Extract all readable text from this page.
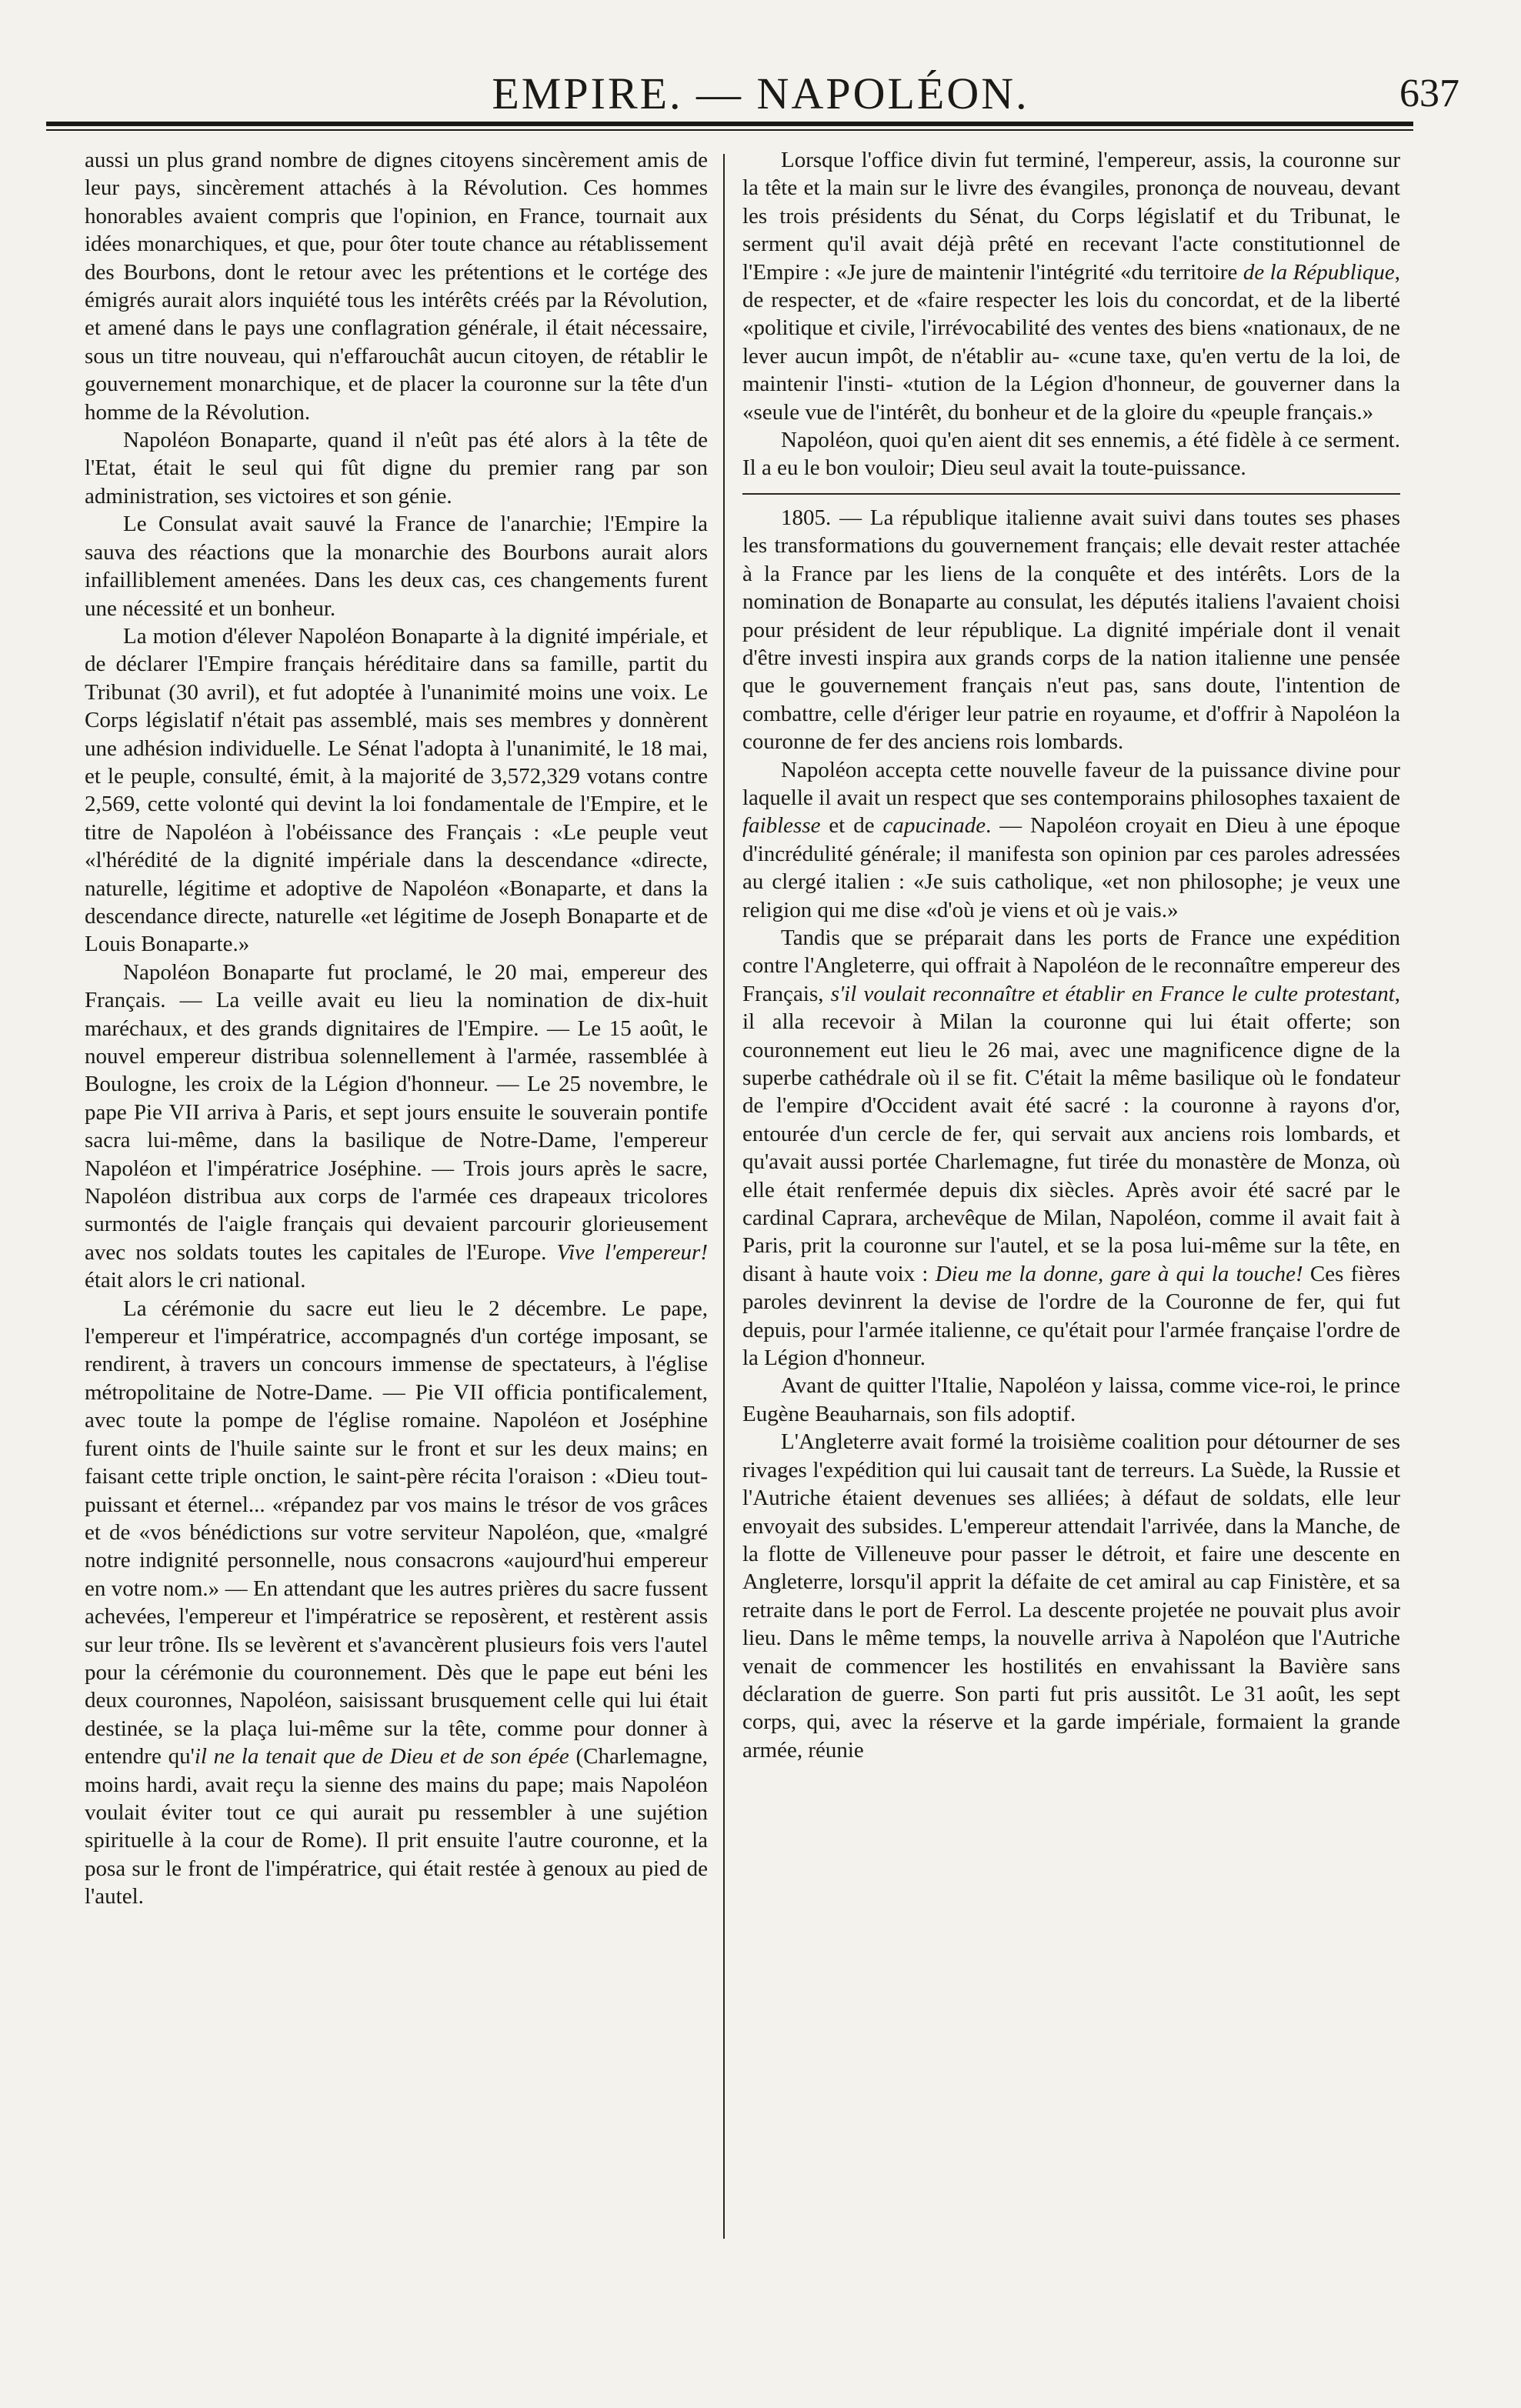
EMPIRE. — NAPOLÉON.	637

aussi un plus grand nombre de dignes citoyens sincèrement amis de leur pays, sincèrement attachés à la Révolution. Ces hommes honorables avaient compris que l'opinion, en France, tournait aux idées monarchiques, et que, pour ôter toute chance au rétablissement des Bourbons, dont le retour avec les prétentions et le cortége des émigrés aurait alors inquiété tous les intérêts créés par la Révolution, et amené dans le pays une conflagration générale, il était nécessaire, sous un titre nouveau, qui n'effarouchât aucun citoyen, de rétablir le gouvernement monarchique, et de placer la couronne sur la tête d'un homme de la Révolution.

Napoléon Bonaparte, quand il n'eût pas été alors à la tête de l'Etat, était le seul qui fût digne du premier rang par son administration, ses victoires et son génie.

Le Consulat avait sauvé la France de l'anarchie; l'Empire la sauva des réactions que la monarchie des Bourbons aurait alors infailliblement amenées. Dans les deux cas, ces changements furent une nécessité et un bonheur.

La motion d'élever Napoléon Bonaparte à la dignité impériale, et de déclarer l'Empire français héréditaire dans sa famille, partit du Tribunat (30 avril), et fut adoptée à l'unanimité moins une voix. Le Corps législatif n'était pas assemblé, mais ses membres y donnèrent une adhésion individuelle. Le Sénat l'adopta à l'unanimité, le 18 mai, et le peuple, consulté, émit, à la majorité de 3,572,329 votans contre 2,569, cette volonté qui devint la loi fondamentale de l'Empire, et le titre de Napoléon à l'obéissance des Français : «Le peuple veut «l'hérédité de la dignité impériale dans la descendance «directe, naturelle, légitime et adoptive de Napoléon «Bonaparte, et dans la descendance directe, naturelle «et légitime de Joseph Bonaparte et de Louis Bonaparte.»

Napoléon Bonaparte fut proclamé, le 20 mai, empereur des Français. — La veille avait eu lieu la nomination de dix-huit maréchaux, et des grands dignitaires de l'Empire. — Le 15 août, le nouvel empereur distribua solennellement à l'armée, rassemblée à Boulogne, les croix de la Légion d'honneur. — Le 25 novembre, le pape Pie VII arriva à Paris, et sept jours ensuite le souverain pontife sacra lui-même, dans la basilique de Notre-Dame, l'empereur Napoléon et l'impératrice Joséphine. — Trois jours après le sacre, Napoléon distribua aux corps de l'armée ces drapeaux tricolores surmontés de l'aigle français qui devaient parcourir glorieusement avec nos soldats toutes les capitales de l'Europe. Vive l'empereur! était alors le cri national.

La cérémonie du sacre eut lieu le 2 décembre. Le pape, l'empereur et l'impératrice, accompagnés d'un cortége imposant, se rendirent, à travers un concours immense de spectateurs, à l'église métropolitaine de Notre-Dame. — Pie VII officia pontificalement, avec toute la pompe de l'église romaine. Napoléon et Joséphine furent oints de l'huile sainte sur le front et sur les deux mains; en faisant cette triple onction, le saint-père récita l'oraison : «Dieu tout-puissant et éternel... «répandez par vos mains le trésor de vos grâces et de «vos bénédictions sur votre serviteur Napoléon, que, «malgré notre indignité personnelle, nous consacrons «aujourd'hui empereur en votre nom.» — En attendant que les autres prières du sacre fussent achevées, l'empereur et l'impératrice se reposèrent, et restèrent assis sur leur trône. Ils se levèrent et s'avancèrent plusieurs fois vers l'autel pour la cérémonie du couronnement. Dès que le pape eut béni les deux couronnes, Napoléon, saisissant brusquement celle qui lui était destinée, se la plaça lui-même sur la tête, comme pour donner à entendre qu'il ne la tenait que de Dieu et de son épée (Charlemagne, moins hardi, avait reçu la sienne des mains du pape; mais Napoléon voulait éviter tout ce qui aurait pu ressembler à une sujétion spirituelle à la cour de Rome). Il prit ensuite l'autre couronne, et la posa sur le front de l'impératrice, qui était restée à genoux au pied de l'autel.

Lorsque l'office divin fut terminé, l'empereur, assis, la couronne sur la tête et la main sur le livre des évangiles, prononça de nouveau, devant les trois présidents du Sénat, du Corps législatif et du Tribunat, le serment qu'il avait déjà prêté en recevant l'acte constitutionnel de l'Empire : «Je jure de maintenir l'intégrité «du territoire de la République, de respecter, et de «faire respecter les lois du concordat, et de la liberté «politique et civile, l'irrévocabilité des ventes des biens «nationaux, de ne lever aucun impôt, de n'établir au- «cune taxe, qu'en vertu de la loi, de maintenir l'insti- «tution de la Légion d'honneur, de gouverner dans la «seule vue de l'intérêt, du bonheur et de la gloire du «peuple français.»

Napoléon, quoi qu'en aient dit ses ennemis, a été fidèle à ce serment. Il a eu le bon vouloir; Dieu seul avait la toute-puissance.

1805. — La république italienne avait suivi dans toutes ses phases les transformations du gouvernement français; elle devait rester attachée à la France par les liens de la conquête et des intérêts. Lors de la nomination de Bonaparte au consulat, les députés italiens l'avaient choisi pour président de leur république. La dignité impériale dont il venait d'être investi inspira aux grands corps de la nation italienne une pensée que le gouvernement français n'eut pas, sans doute, l'intention de combattre, celle d'ériger leur patrie en royaume, et d'offrir à Napoléon la couronne de fer des anciens rois lombards.

Napoléon accepta cette nouvelle faveur de la puissance divine pour laquelle il avait un respect que ses contemporains philosophes taxaient de faiblesse et de capucinade. — Napoléon croyait en Dieu à une époque d'incrédulité générale; il manifesta son opinion par ces paroles adressées au clergé italien : «Je suis catholique, «et non philosophe; je veux une religion qui me dise «d'où je viens et où je vais.»

Tandis que se préparait dans les ports de France une expédition contre l'Angleterre, qui offrait à Napoléon de le reconnaître empereur des Français, s'il voulait reconnaître et établir en France le culte protestant, il alla recevoir à Milan la couronne qui lui était offerte; son couronnement eut lieu le 26 mai, avec une magnificence digne de la superbe cathédrale où il se fit. C'était la même basilique où le fondateur de l'empire d'Occident avait été sacré : la couronne à rayons d'or, entourée d'un cercle de fer, qui servait aux anciens rois lombards, et qu'avait aussi portée Charlemagne, fut tirée du monastère de Monza, où elle était renfermée depuis dix siècles. Après avoir été sacré par le cardinal Caprara, archevêque de Milan, Napoléon, comme il avait fait à Paris, prit la couronne sur l'autel, et se la posa lui-même sur la tête, en disant à haute voix : Dieu me la donne, gare à qui la touche! Ces fières paroles devinrent la devise de l'ordre de la Couronne de fer, qui fut depuis, pour l'armée italienne, ce qu'était pour l'armée française l'ordre de la Légion d'honneur.

Avant de quitter l'Italie, Napoléon y laissa, comme vice-roi, le prince Eugène Beauharnais, son fils adoptif.

L'Angleterre avait formé la troisième coalition pour détourner de ses rivages l'expédition qui lui causait tant de terreurs. La Suède, la Russie et l'Autriche étaient devenues ses alliées; à défaut de soldats, elle leur envoyait des subsides. L'empereur attendait l'arrivée, dans la Manche, de la flotte de Villeneuve pour passer le détroit, et faire une descente en Angleterre, lorsqu'il apprit la défaite de cet amiral au cap Finistère, et sa retraite dans le port de Ferrol. La descente projetée ne pouvait plus avoir lieu. Dans le même temps, la nouvelle arriva à Napoléon que l'Autriche venait de commencer les hostilités en envahissant la Bavière sans déclaration de guerre. Son parti fut pris aussitôt. Le 31 août, les sept corps, qui, avec la réserve et la garde impériale, formaient la grande armée, réunie
